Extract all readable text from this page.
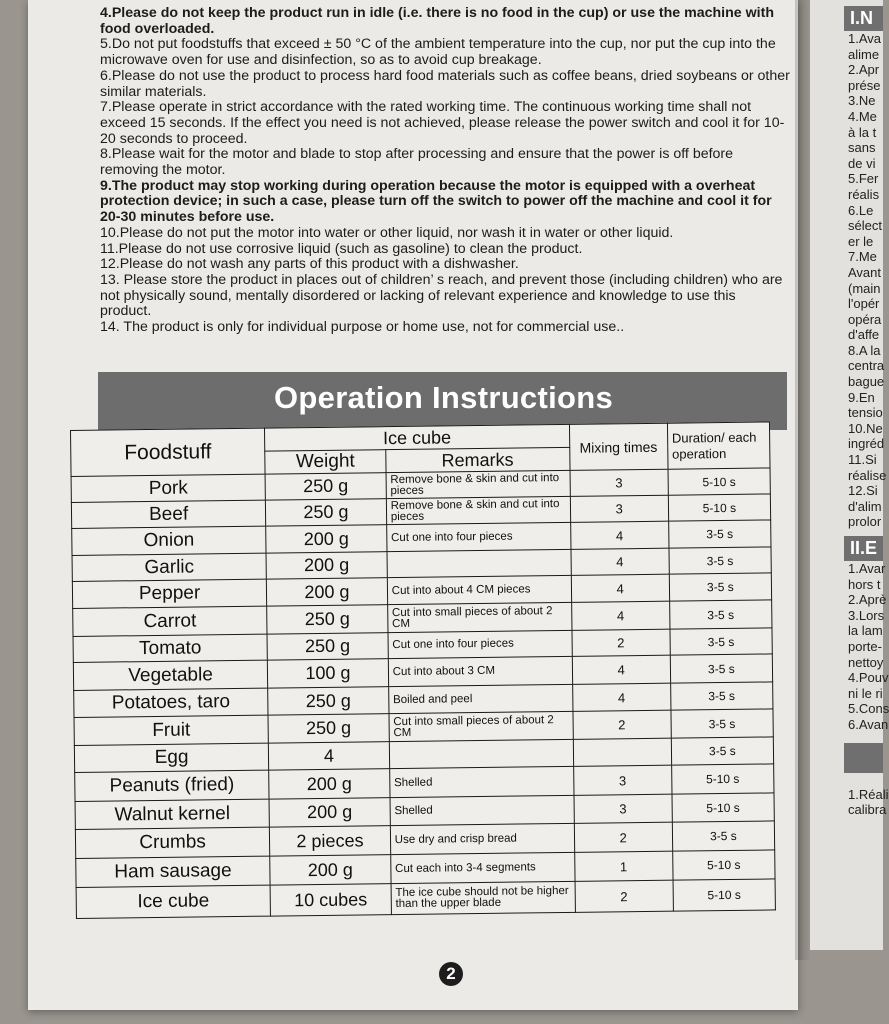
4.Please do not keep the product run in idle (i.e. there is no food in the cup) or use the machine with food overloaded.

5.Do not put foodstuffs that exceed ± 50 °C of the ambient temperature into the cup, nor put the cup into the microwave oven for use and disinfection, so as to avoid cup breakage.

6.Please do not use the product to process hard food materials such as coffee beans, dried soybeans or other similar materials.

7.Please operate in strict accordance with the rated working time. The continuous working time shall not exceed 15 seconds. If the effect you need is not achieved, please release the power switch and cool it for 10-20 seconds to proceed.

8.Please wait for the motor and blade to stop after processing and ensure that the power is off before removing the motor.

9.The product may stop working during operation because the motor is equipped with a overheat protection device; in such a case, please turn off the switch to power off the machine and cool it for 20-30 minutes before use.

10.Please do not put the motor into water or other liquid, nor wash it in water or other liquid.

11.Please do not use corrosive liquid (such as gasoline) to clean the product.

12.Please do not wash any parts of this product with a dishwasher.

13. Please store the product in places out of children’ s reach, and prevent those (including children) who are not physically sound, mentally disordered or lacking of relevant experience and knowledge to use this product.

14. The product is only for individual purpose or home use, not for commercial use..

Operation Instructions
Foodstuff	Ice cube		Mixing times	Duration/ each operation
	Weight	Remarks		
Pork	250 g	Remove bone & skin and cut into pieces	3	5-10 s
Beef	250 g	Remove bone & skin and cut into pieces	3	5-10 s
Onion	200 g	Cut one into four pieces	4	3-5 s
Garlic	200 g		4	3-5 s
Pepper	200 g	Cut into about 4 CM pieces	4	3-5 s
Carrot	250 g	Cut into small pieces of about 2 CM	4	3-5 s
Tomato	250 g	Cut one into four pieces	2	3-5 s
Vegetable	100 g	Cut into about 3 CM	4	3-5 s
Potatoes, taro	250 g	Boiled and peel	4	3-5 s
Fruit	250 g	Cut into small pieces of about 2 CM	2	3-5 s
Egg	4			3-5 s
Peanuts (fried)	200 g	Shelled	3	5-10 s
Walnut kernel	200 g	Shelled	3	5-10 s
Crumbs	2 pieces	Use dry and crisp bread	2	3-5 s
Ham sausage	200 g	Cut each into 3-4 segments	1	5-10 s
Ice cube	10 cubes	The ice cube should not be higher than the upper blade	2	5-10 s
2
I.N
1.Ava
alime
2.Apr
prése
3.Ne
4.Me
à la t
sans
de vi
5.Fer
réalis
6.Le
sélect
er le
7.Me
Avant
(main
l'opér
opéra
d'affe
8.A la
centra
bague
9.En
tensio
10.Ne
ingréd
11.Si
réalise
12.Si
d'alim
prolor
II.E
1.Avar
hors t
2.Aprè
3.Lors
la lam
porte-
nettoy
4.Pouv
ni le ri
5.Cons
6.Avan
1.Réali
calibra
